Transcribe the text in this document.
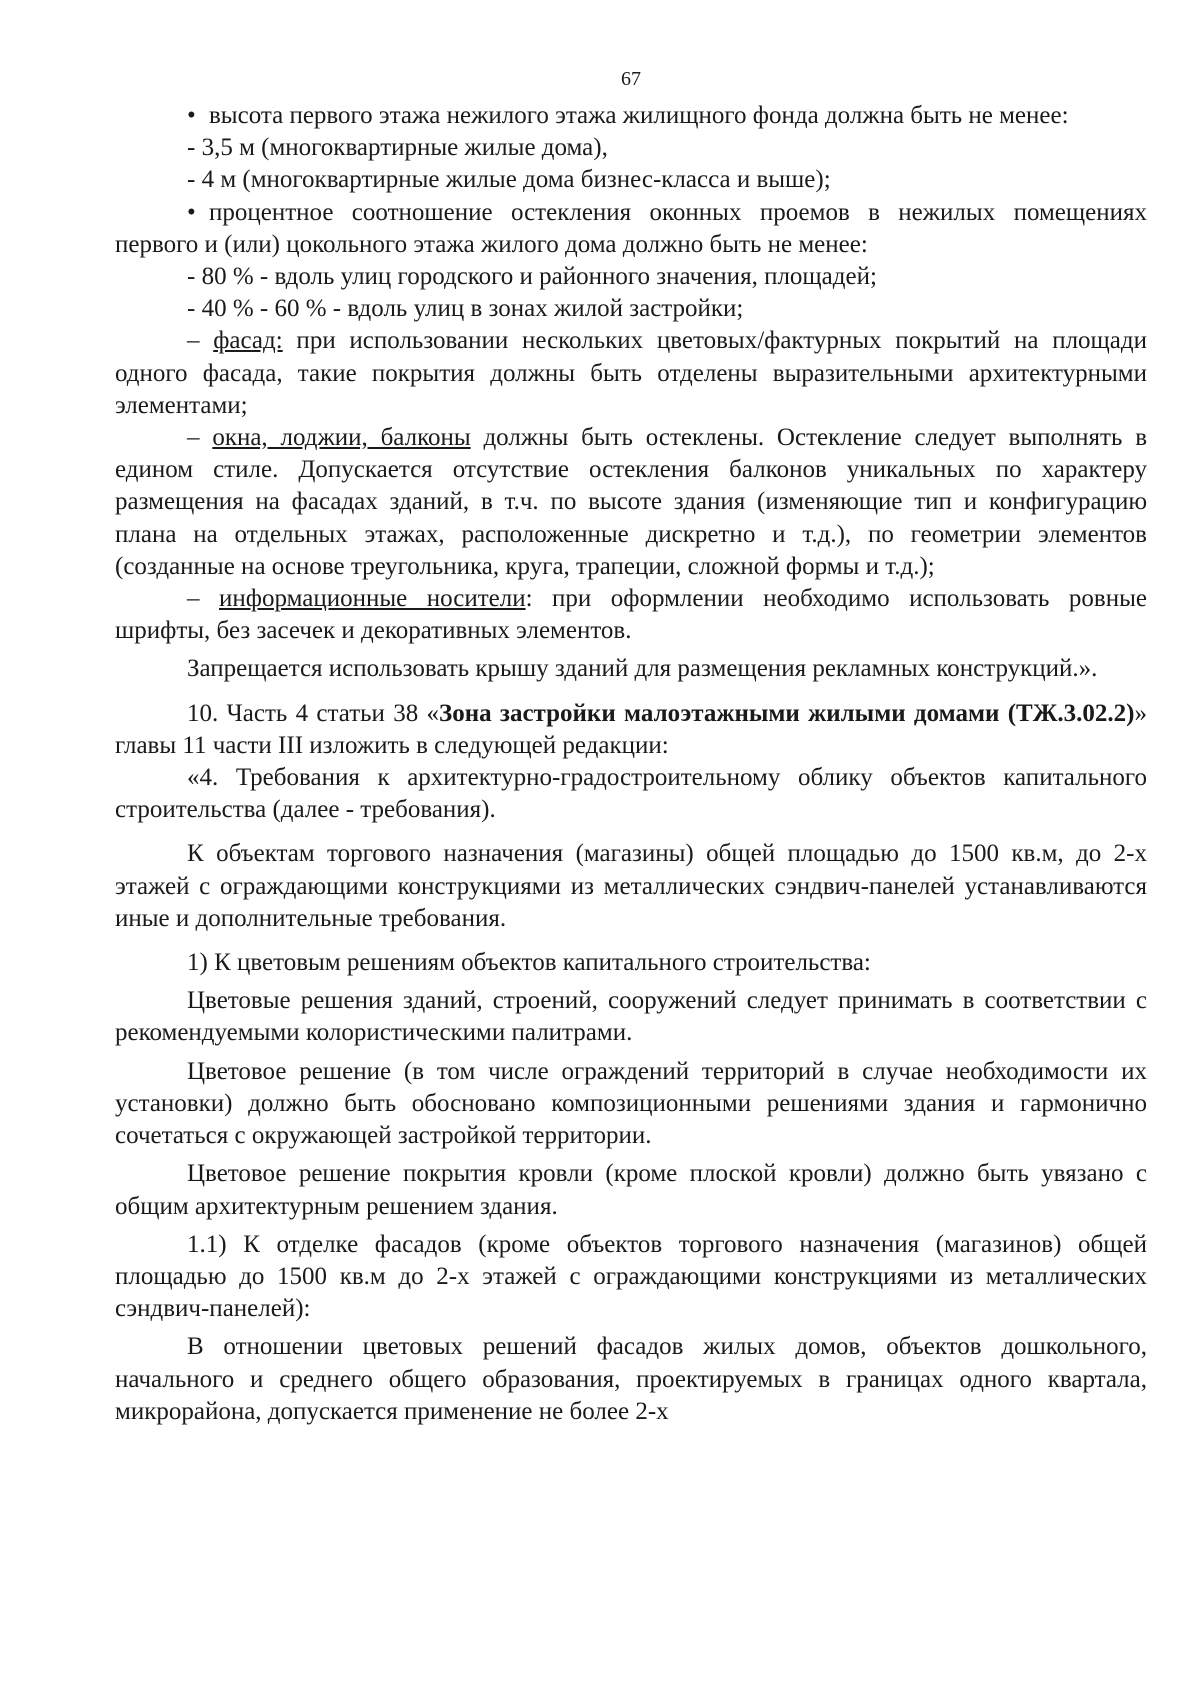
67

• высота первого этажа нежилого этажа жилищного фонда должна быть не менее:

- 3,5 м (многоквартирные жилые дома),

- 4 м (многоквартирные жилые дома бизнес-класса и выше);

• процентное соотношение остекления оконных проемов в нежилых помещениях первого и (или) цокольного этажа жилого дома должно быть не менее:

- 80 % - вдоль улиц городского и районного значения, площадей;

- 40 % - 60 % - вдоль улиц в зонах жилой застройки;

– фасад: при использовании нескольких цветовых/фактурных покрытий на площади одного фасада, такие покрытия должны быть отделены выразительными архитектурными элементами;

– окна, лоджии, балконы должны быть остеклены. Остекление следует выполнять в едином стиле. Допускается отсутствие остекления балконов уникальных по характеру размещения на фасадах зданий, в т.ч. по высоте здания (изменяющие тип и конфигурацию плана на отдельных этажах, расположенные дискретно и т.д.), по геометрии элементов (созданные на основе треугольника, круга, трапеции, сложной формы и т.д.);

– информационные носители: при оформлении необходимо использовать ровные шрифты, без засечек и декоративных элементов.

Запрещается использовать крышу зданий для размещения рекламных конструкций.».

10. Часть 4 статьи 38 «Зона застройки малоэтажными жилыми домами (ТЖ.3.02.2)» главы 11 части III изложить в следующей редакции:

«4. Требования к архитектурно-градостроительному облику объектов капитального строительства (далее - требования).

К объектам торгового назначения (магазины) общей площадью до 1500 кв.м, до 2-х этажей с ограждающими конструкциями из металлических сэндвич-панелей устанавливаются иные и дополнительные требования.

1) К цветовым решениям объектов капитального строительства:

Цветовые решения зданий, строений, сооружений следует принимать в соответствии с рекомендуемыми колористическими палитрами.

Цветовое решение (в том числе ограждений территорий в случае необходимости их установки) должно быть обосновано композиционными решениями здания и гармонично сочетаться с окружающей застройкой территории.

Цветовое решение покрытия кровли (кроме плоской кровли) должно быть увязано с общим архитектурным решением здания.

1.1) К отделке фасадов (кроме объектов торгового назначения (магазинов) общей площадью до 1500 кв.м до 2-х этажей с ограждающими конструкциями из металлических сэндвич-панелей):

В отношении цветовых решений фасадов жилых домов, объектов дошкольного, начального и среднего общего образования, проектируемых в границах одного квартала, микрорайона, допускается применение не более 2-х
